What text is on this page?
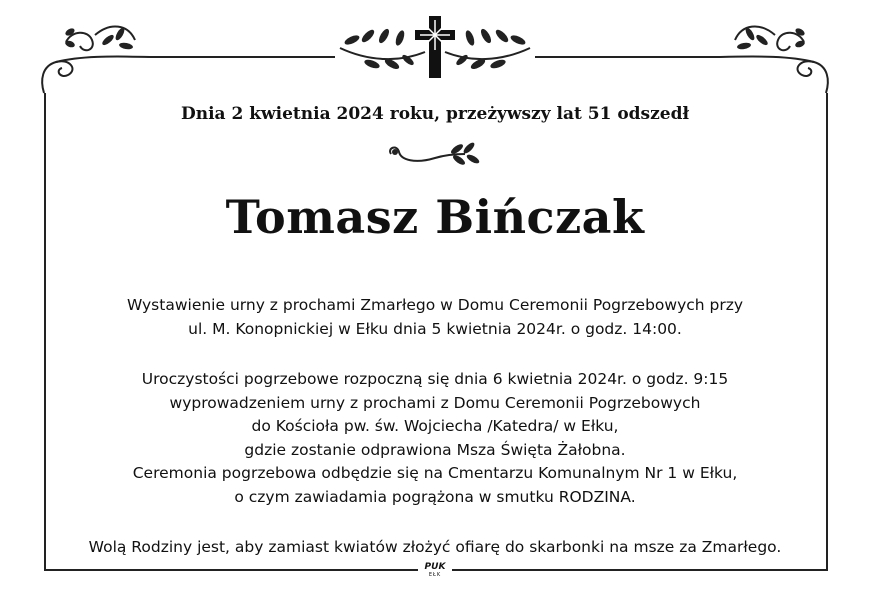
Dnia 2 kwietnia 2024 roku, przeżywszy lat 51 odszedł
Tomasz Bińczak
Wystawienie urny z prochami Zmarłego w Domu Ceremonii Pogrzebowych przy
ul. M. Konopnickiej w Ełku dnia 5 kwietnia 2024r. o godz. 14:00.
Uroczystości pogrzebowe rozpoczną się dnia 6 kwietnia 2024r. o godz. 9:15
wyprowadzeniem urny z prochami z Domu Ceremonii Pogrzebowych
do Kościoła pw. św. Wojciecha /Katedra/ w Ełku,
gdzie zostanie odprawiona Msza Święta Żałobna.
Ceremonia pogrzebowa odbędzie się na Cmentarzu Komunalnym Nr 1 w Ełku,
o czym zawiadamia pogrążona w smutku RODZINA.
Wolą Rodziny jest, aby zamiast kwiatów złożyć ofiarę do skarbonki na msze za Zmarłego.
PUK
EŁK
